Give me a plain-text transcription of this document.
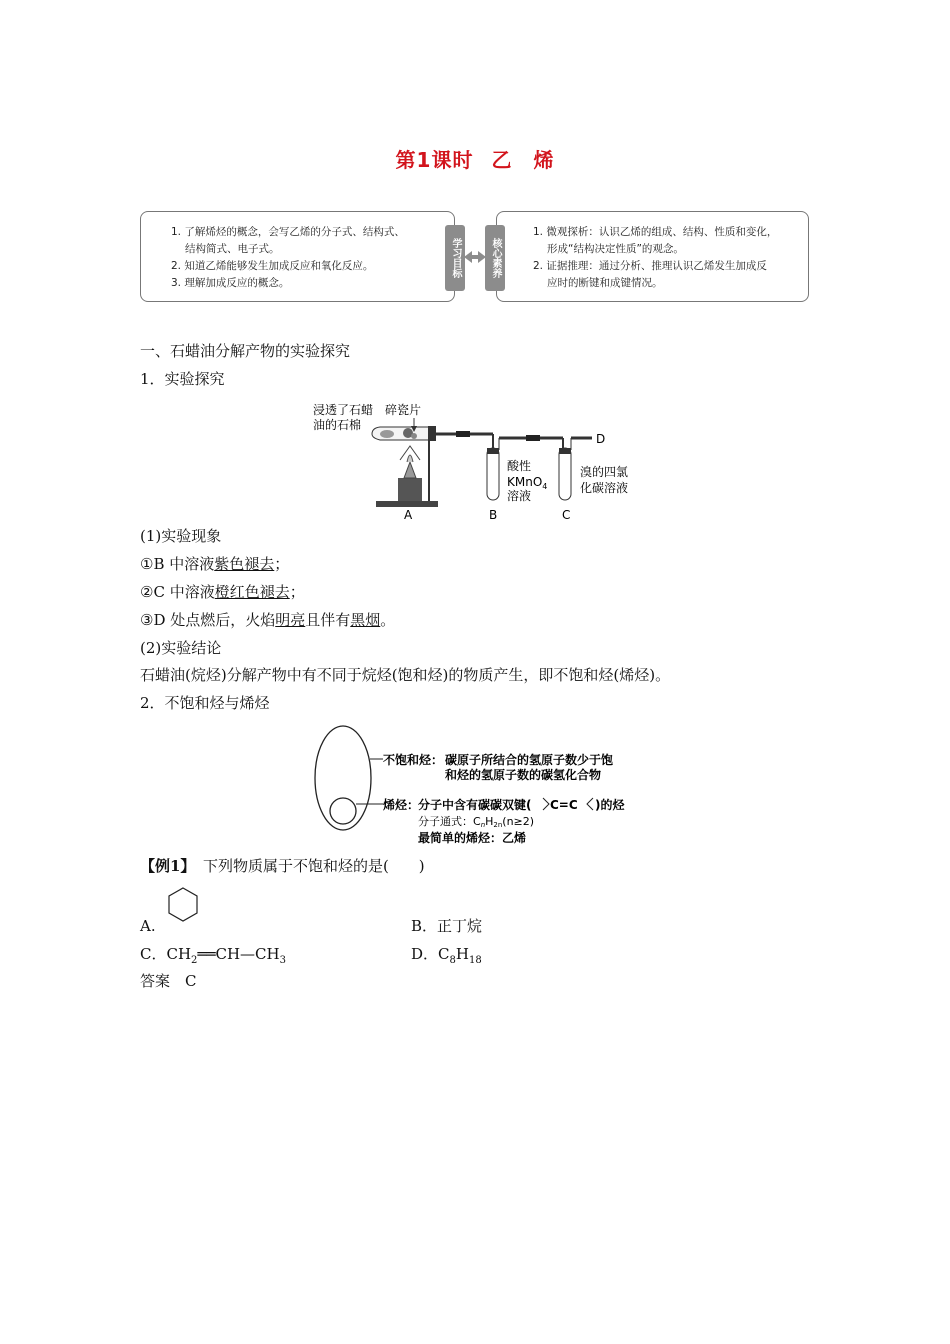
第1课时 乙　烯
1. 了解烯烃的概念，会写乙烯的分子式、结构式、
结构简式、电子式。
2. 知道乙烯能够发生加成反应和氧化反应。
3. 理解加成反应的概念。
1. 微观探析：认识乙烯的组成、结构、性质和变化，
形成“结构决定性质”的观念。
2. 证据推理：通过分析、推理认识乙烯发生加成反
应时的断键和成键情况。
学习目标	核心素养
一、石蜡油分解产物的实验探究
1．实验探究
浸透了石蜡
油的石棉
碎瓷片
D
酸性
KMnO$_4$
溶液
溴的四氯
化碳溶液
A	B	C
(1)实验现象
①B 中溶液紫色褪去；
②C 中溶液橙红色褪去；
③D 处点燃后，火焰明亮且伴有黑烟。
(2)实验结论
石蜡油(烷烃)分解产物中有不同于烷烃(饱和烃)的物质产生，即不饱和烃(烯烃)。
2．不饱和烃与烯烃
不饱和烃： 碳原子所结合的氢原子数少于饱
和烃的氢原子数的碳氢化合物
烯烃：
分子中含有碳碳双键( C=C )的烃
分子通式：CnH2n(n≥2)
最简单的烯烃：乙烯
【例1】　 下列物质属于不饱和烃的是(　　)
A.	B．正丁烷
C．$CH_2══CH—CH_3$	D．$C_8H_{18}$
答案　C
